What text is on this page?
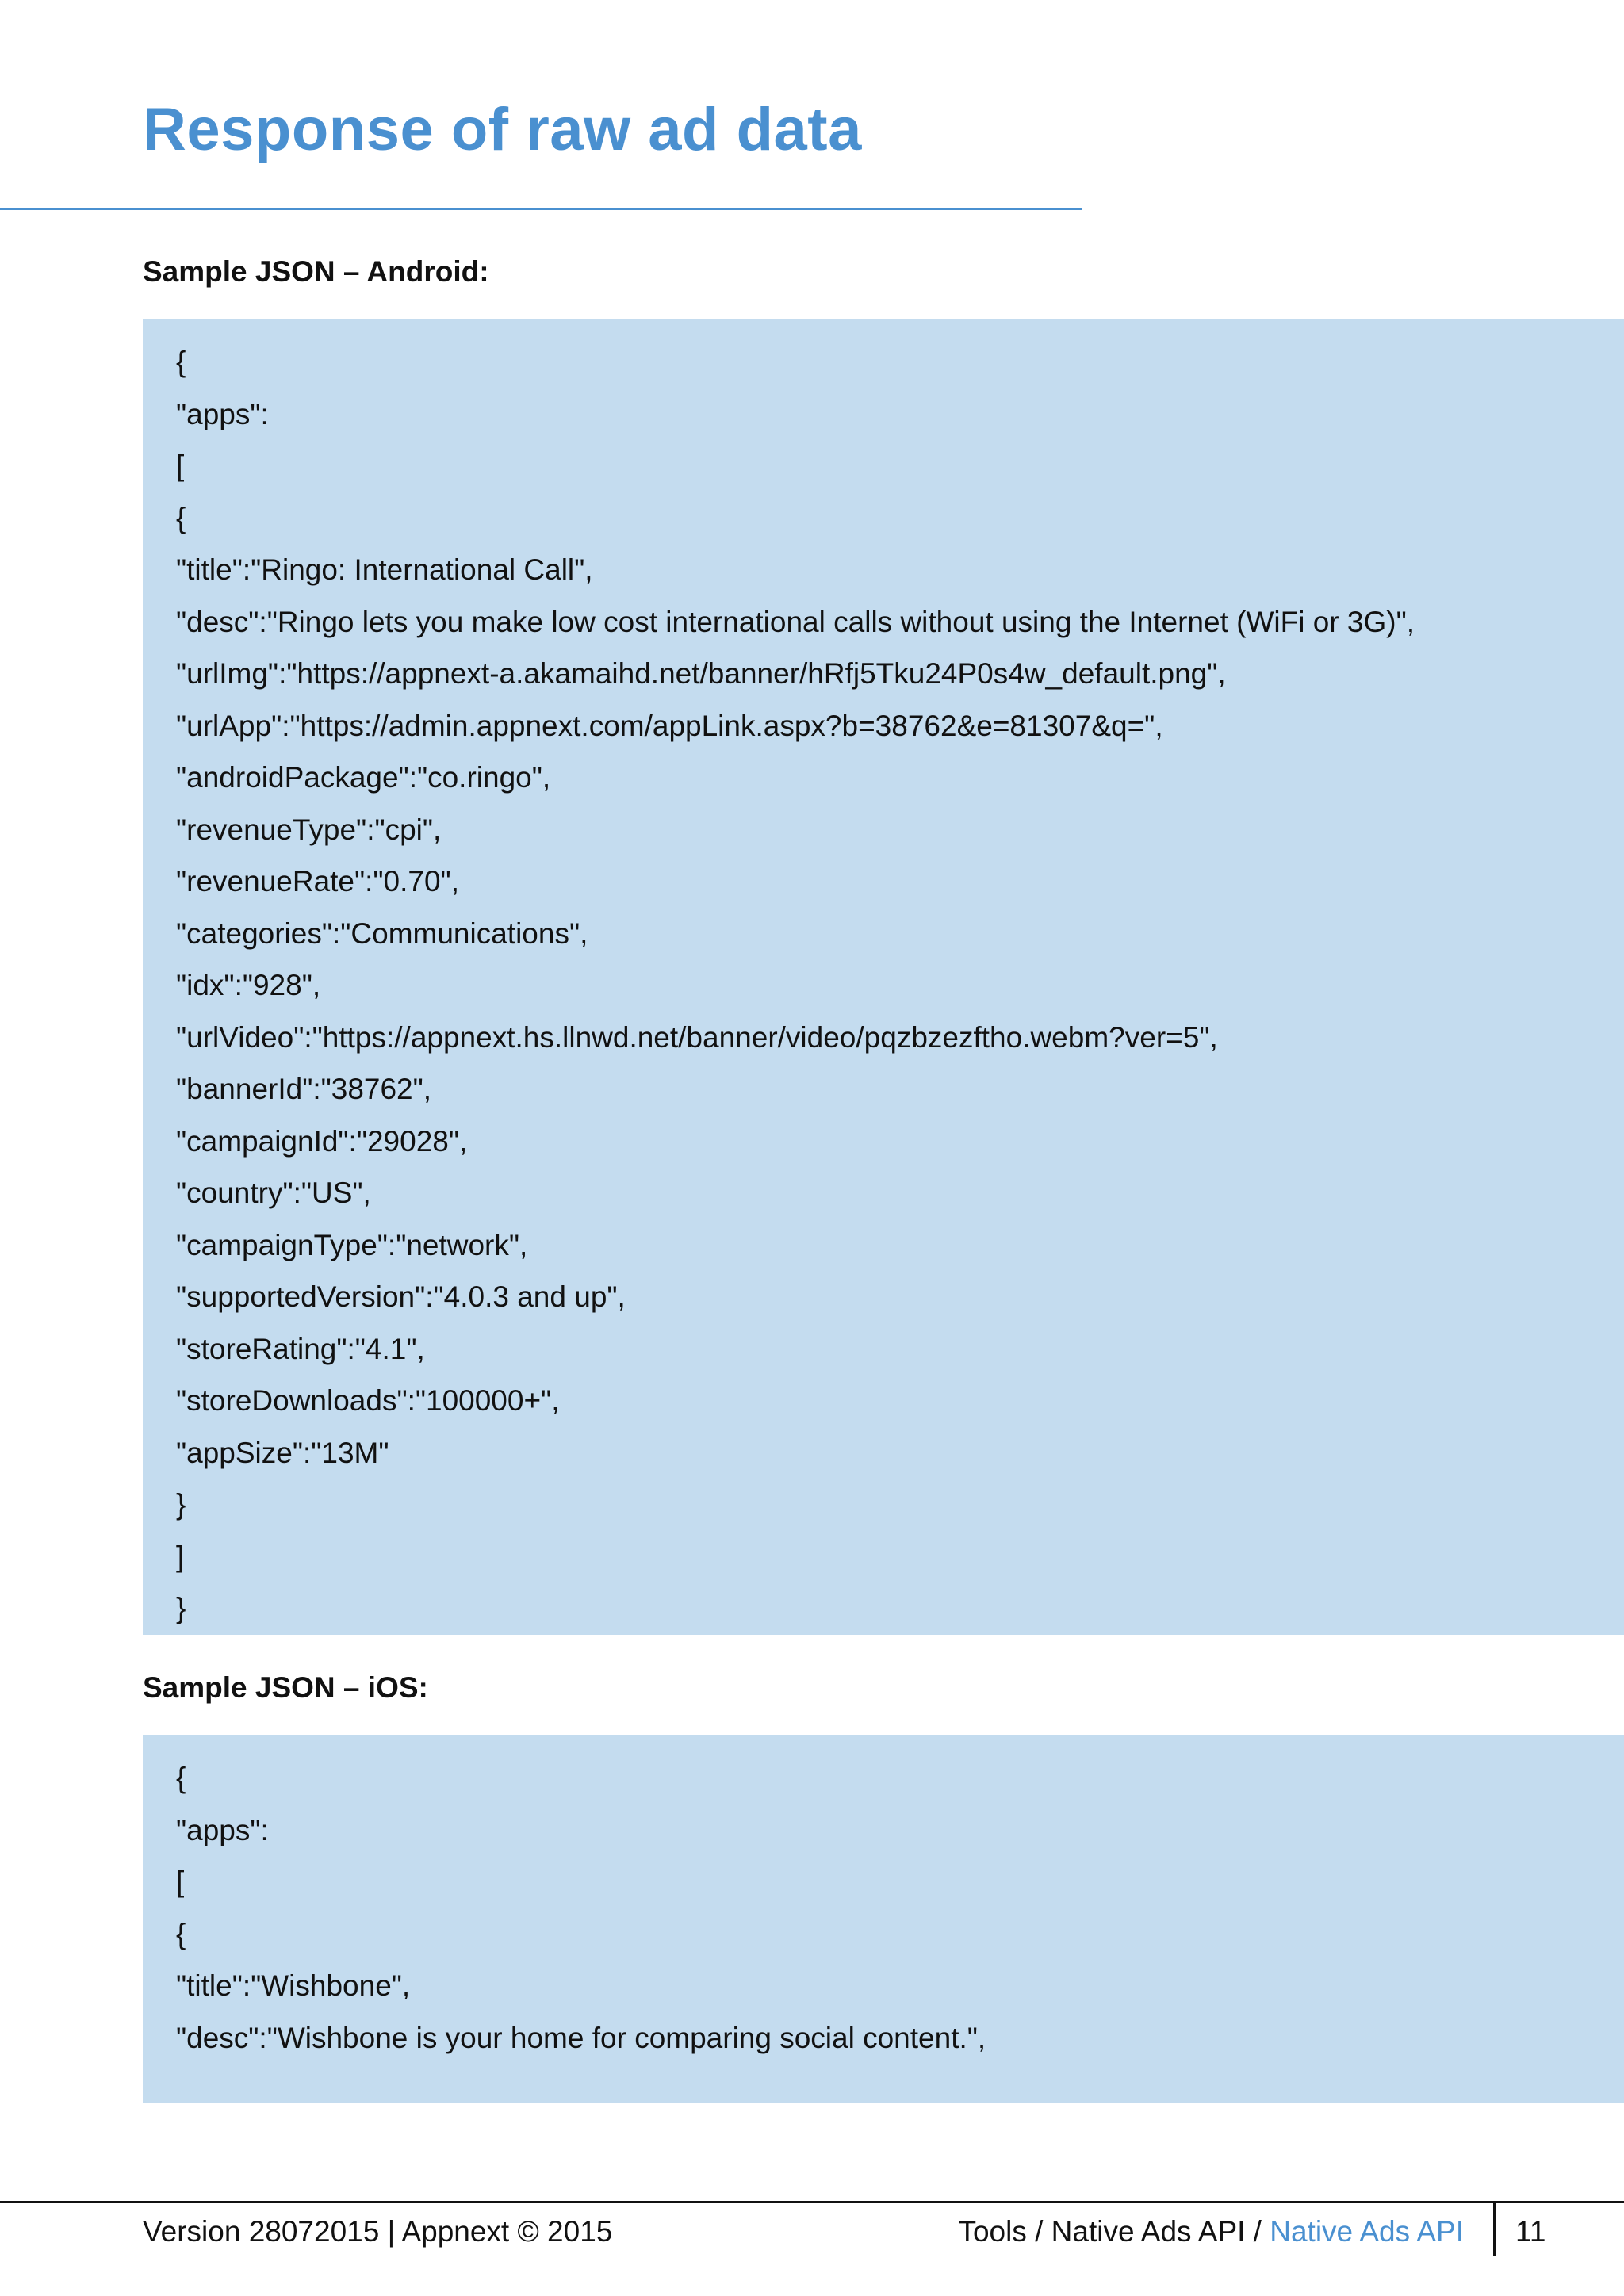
Response of raw ad data
Sample JSON – Android:
{
"apps":
[
{
"title":"Ringo: International Call",
"desc":"Ringo lets you make low cost international calls without using the Internet (WiFi or 3G)",
"urlImg":"https://appnext-a.akamaihd.net/banner/hRfj5Tku24P0s4w_default.png",
"urlApp":"https://admin.appnext.com/appLink.aspx?b=38762&e=81307&q=",
"androidPackage":"co.ringo",
"revenueType":"cpi",
"revenueRate":"0.70",
"categories":"Communications",
"idx":"928",
"urlVideo":"https://appnext.hs.llnwd.net/banner/video/pqzbzezftho.webm?ver=5",
"bannerId":"38762",
"campaignId":"29028",
"country":"US",
"campaignType":"network",
"supportedVersion":"4.0.3 and up",
"storeRating":"4.1",
"storeDownloads":"100000+",
"appSize":"13M"
}
]
}
Sample JSON – iOS:
{
"apps":
[
{
"title":"Wishbone",
"desc":"Wishbone is your home for comparing social content.",
Version 28072015 | Appnext © 2015	Tools / Native Ads API / Native Ads API 11
